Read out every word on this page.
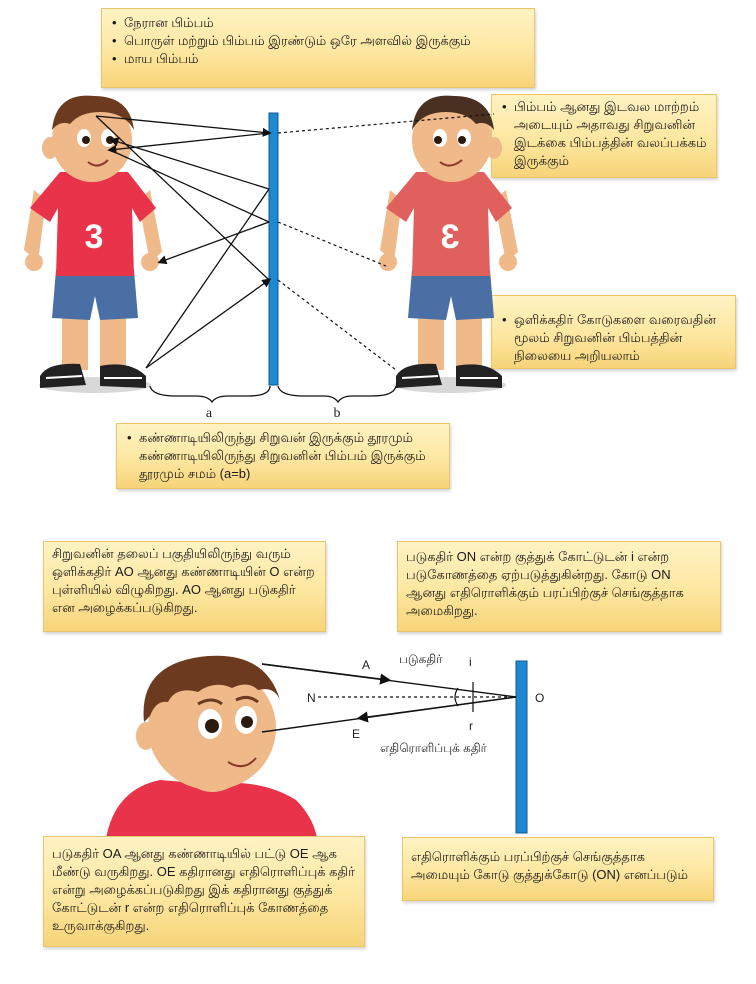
• நேரான பிம்பம்
• பொருள் மற்றும் பிம்பம் இரண்டும் ஒரே அளவில் இருக்கும்
• மாய பிம்பம்
• பிம்பம் ஆனது இடவல மாற்றம் அடையும் அதாவது சிறுவனின் இடக்கை பிம்பத்தின் வலப்பக்கம் இருக்கும்
• ஒளிக்கதிர் கோடுகளை வரைவதின் மூலம் சிறுவனின் பிம்பத்தின் நிலையை அறியலாம்
• கண்ணாடியிலிருந்து சிறுவன் இருக்கும் தூரமும் கண்ணாடியிலிருந்து சிறுவனின் பிம்பம் இருக்கும் தூரமும் சமம் (a=b)
3	3
a	b
சிறுவனின் தலைப் பகுதியிலிருந்து வரும் ஒளிக்கதிர் AO ஆனது கண்ணாடியின் O என்ற புள்ளியில் விழுகிறது. AO ஆனது படுகதிர் என அழைக்கப்படுகிறது.
படுகதிர் ON என்ற குத்துக் கோட்டுடன் i என்ற படுகோணத்தை ஏற்படுத்துகின்றது. கோடு ON ஆனது எதிரொளிக்கும் பரப்பிற்குச் செங்குத்தாக அமைகிறது.
A படுகதிர் i
N	O
r
E
எதிரொளிப்புக் கதிர்
படுகதிர் OA ஆனது கண்ணாடியில் பட்டு OE ஆக மீண்டு வருகிறது. OE கதிரானது எதிரொளிப்புக் கதிர் என்று அழைக்கப்படுகிறது இக் கதிரானது குத்துக் கோட்டுடன் r என்ற எதிரொளிப்புக் கோணத்தை உருவாக்குகிறது.
எதிரொளிக்கும் பரப்பிற்குச் செங்குத்தாக அமையும் கோடு குத்துக்கோடு (ON) எனப்படும்
